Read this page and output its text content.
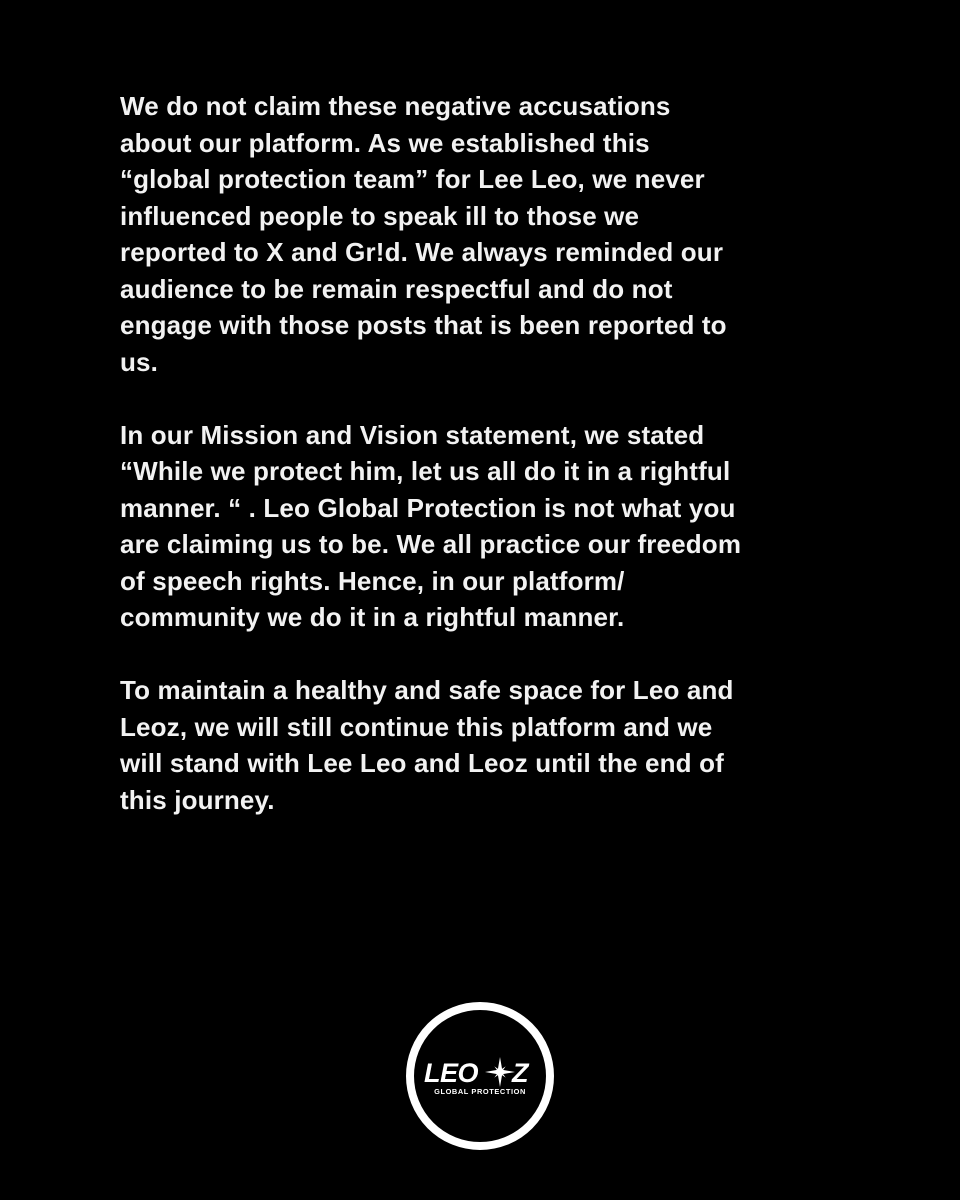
We do not claim these negative accusations
about our platform. As we established this
“global protection team” for Lee Leo, we never
influenced people to speak ill to those we
reported to X and Gr!d. We always reminded our
audience to be remain respectful and do not
engage with those posts that is been reported to
us.

In our Mission and Vision statement, we stated
“While we protect him, let us all do it in a rightful
manner. “ . Leo Global Protection is not what you
are claiming us to be. We all practice our freedom
of speech rights. Hence, in our platform/
community we do it in a rightful manner.

To maintain a healthy and safe space for Leo and
Leoz, we will still continue this platform and we
will stand with Lee Leo and Leoz until the end of
this journey.

LEO Z
GLOBAL PROTECTION
